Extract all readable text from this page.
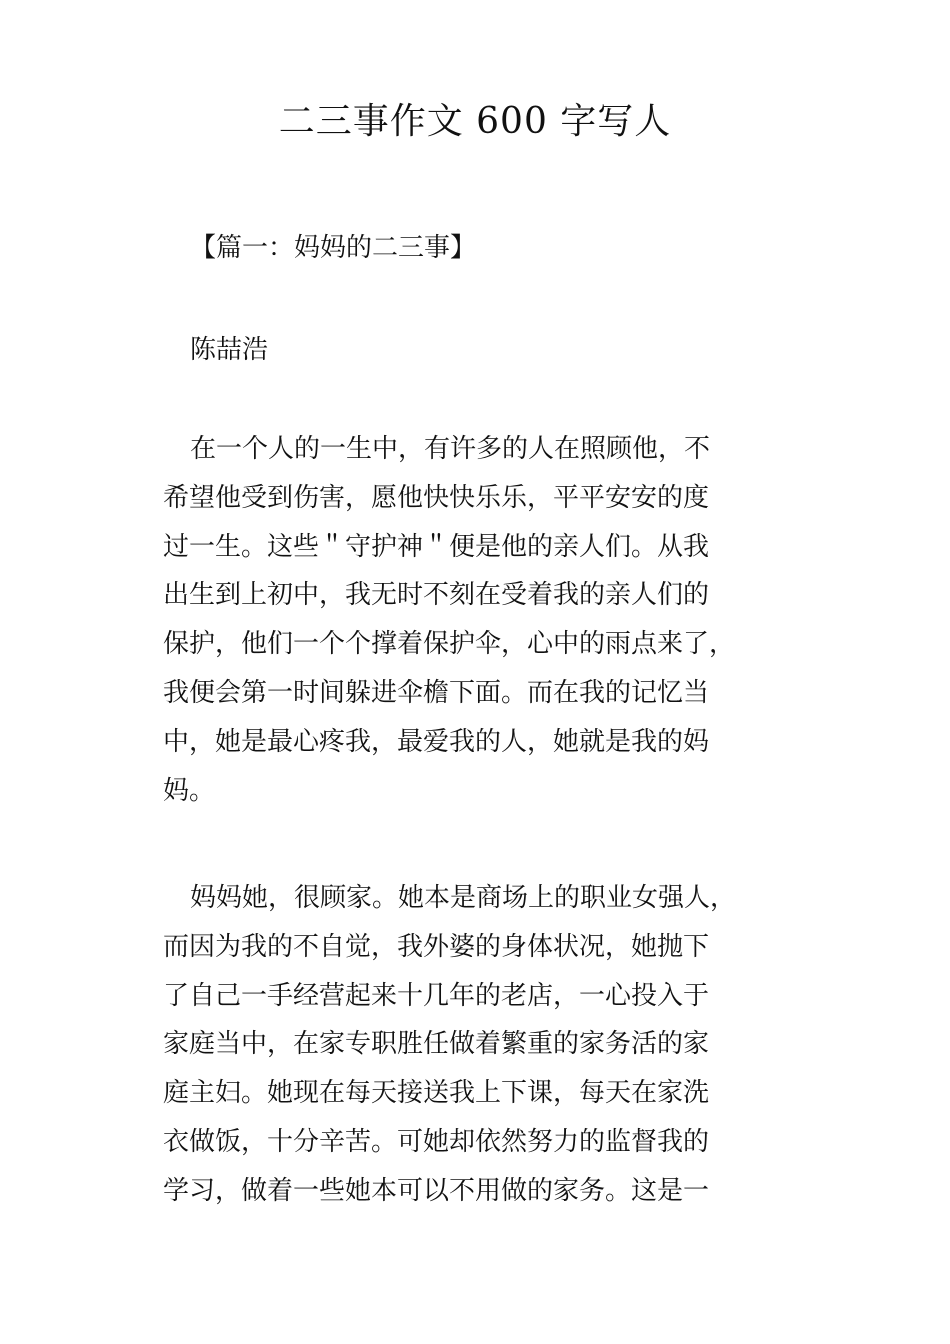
二三事作文 600 字写人
【篇一：妈妈的二三事】
陈喆浩
在一个人的一生中，有许多的人在照顾他，不
希望他受到伤害，愿他快快乐乐，平平安安的度
过一生。这些＂守护神＂便是他的亲人们。从我
出生到上初中，我无时不刻在受着我的亲人们的
保护，他们一个个撑着保护伞，心中的雨点来了，
我便会第一时间躲进伞檐下面。而在我的记忆当
中，她是最心疼我，最爱我的人，她就是我的妈
妈。
妈妈她，很顾家。她本是商场上的职业女强人，
而因为我的不自觉，我外婆的身体状况，她抛下
了自己一手经营起来十几年的老店，一心投入于
家庭当中，在家专职胜任做着繁重的家务活的家
庭主妇。她现在每天接送我上下课，每天在家洗
衣做饭，十分辛苦。可她却依然努力的监督我的
学习，做着一些她本可以不用做的家务。这是一
